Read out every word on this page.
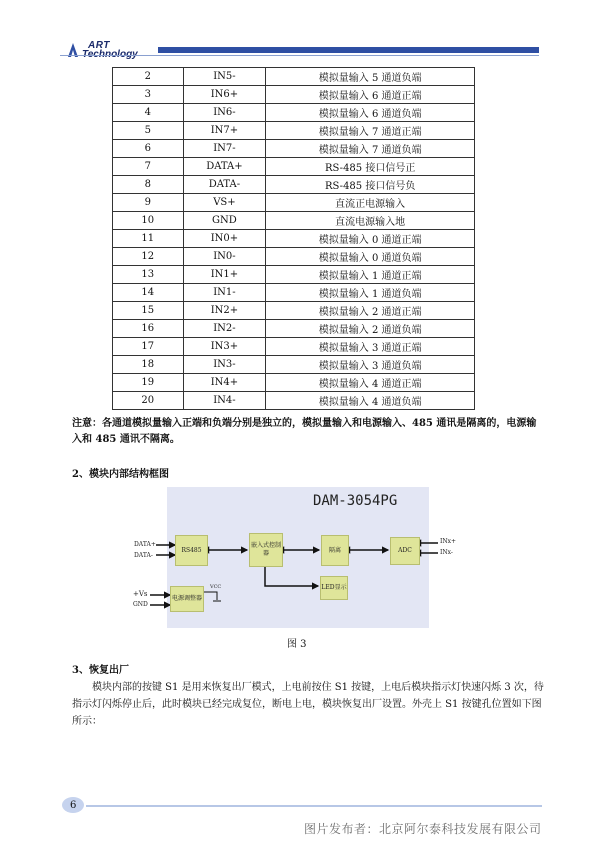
ART
2	IN5-	模拟量输入 5 通道负端
3	IN6+	模拟量输入 6 通道正端
4	IN6-	模拟量输入 6 通道负端
5	IN7+	模拟量输入 7 通道正端
6	IN7-	模拟量输入 7 通道负端
7	DATA+	RS-485 接口信号正
8	DATA-	RS-485 接口信号负
9	VS+	直流正电源输入
10	GND	直流电源输入地
11	IN0+	模拟量输入 0 通道正端
12	IN0-	模拟量输入 0 通道负端
13	IN1+	模拟量输入 1 通道正端
14	IN1-	模拟量输入 1 通道负端
15	IN2+	模拟量输入 2 通道正端
16	IN2-	模拟量输入 2 通道负端
17	IN3+	模拟量输入 3 通道正端
18	IN3-	模拟量输入 3 通道负端
19	IN4+	模拟量输入 4 通道正端
20	IN4-	模拟量输入 4 通道负端
注意：各通道模拟量输入正端和负端分别是独立的，模拟量输入和电源输入、485 通讯是隔离的，电源输入和 485 通讯不隔离。
2、模块内部结构框图
DAM-3054PG
RS485
嵌入式控制器	隔离	ADC
电源调整器
LED显示
DATA+
DATA-
+Vs
GND
VCC
INx+
INx-
图 3
3、恢复出厂
模块内部的按键 S1 是用来恢复出厂模式，上电前按住 S1 按键，上电后模块指示灯快速闪烁 3 次，待指示灯闪烁停止后，此时模块已经完成复位，断电上电，模块恢复出厂设置。外壳上 S1 按键孔位置如下图所示：
6
图片发布者：北京阿尔泰科技发展有限公司
